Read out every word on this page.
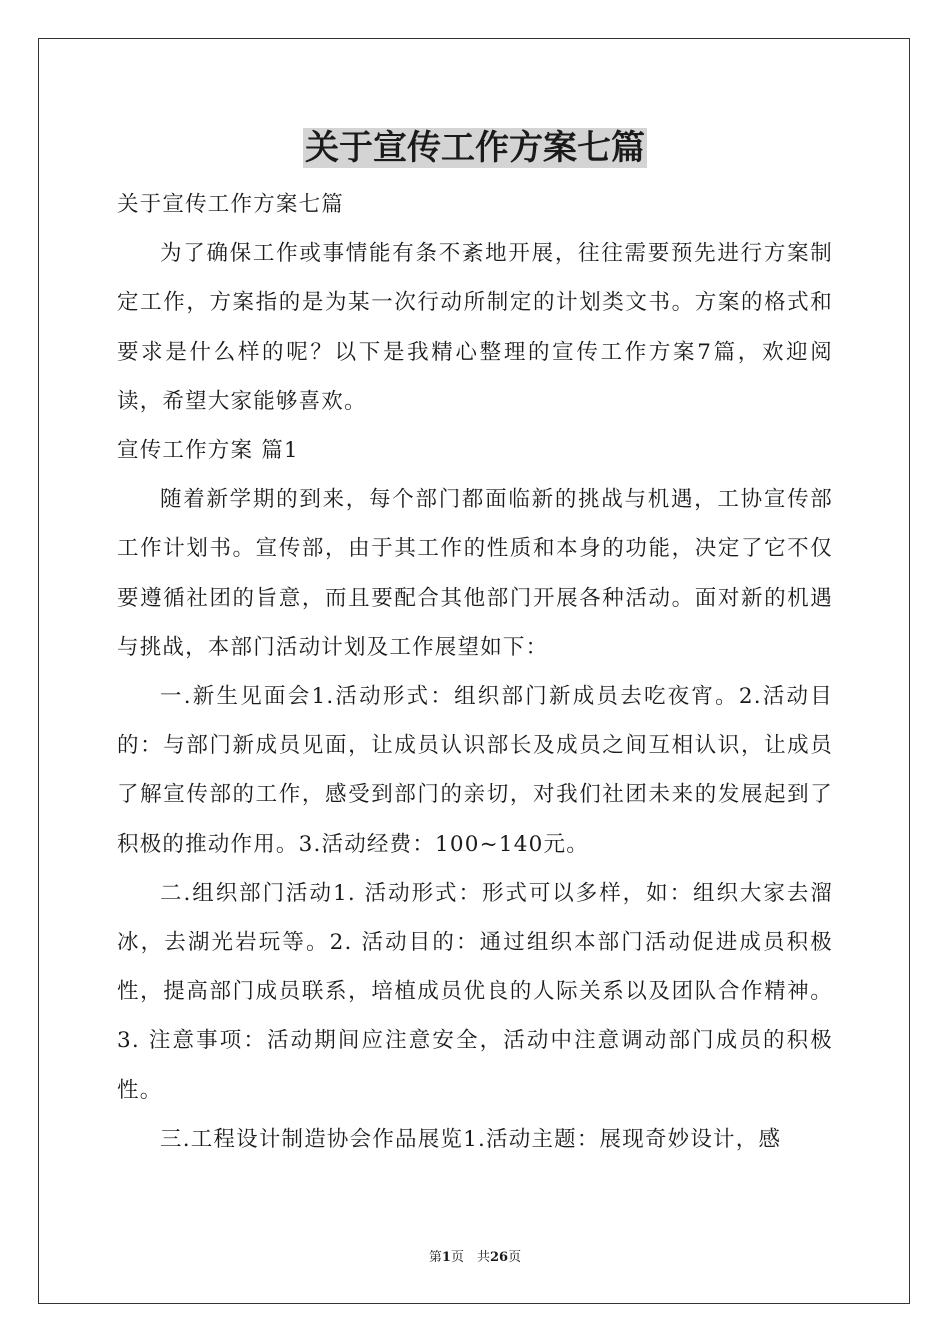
关于宣传工作方案七篇

关于宣传工作方案七篇

为了确保工作或事情能有条不紊地开展，往往需要预先进行方案制定工作，方案指的是为某一次行动所制定的计划类文书。方案的格式和要求是什么样的呢？以下是我精心整理的宣传工作方案7篇，欢迎阅读，希望大家能够喜欢。

宣传工作方案 篇1

随着新学期的到来，每个部门都面临新的挑战与机遇，工协宣传部工作计划书。宣传部，由于其工作的性质和本身的功能，决定了它不仅要遵循社团的旨意，而且要配合其他部门开展各种活动。面对新的机遇与挑战，本部门活动计划及工作展望如下：

一.新生见面会1.活动形式：组织部门新成员去吃夜宵。2.活动目的：与部门新成员见面，让成员认识部长及成员之间互相认识，让成员了解宣传部的工作，感受到部门的亲切，对我们社团未来的发展起到了积极的推动作用。3.活动经费：100~140元。

二.组织部门活动1. 活动形式：形式可以多样，如：组织大家去溜冰，去湖光岩玩等。2. 活动目的：通过组织本部门活动促进成员积极性，提高部门成员联系，培植成员优良的人际关系以及团队合作精神。3. 注意事项：活动期间应注意安全，活动中注意调动部门成员的积极性。

三.工程设计制造协会作品展览1.活动主题：展现奇妙设计，感

第1页　共26页
